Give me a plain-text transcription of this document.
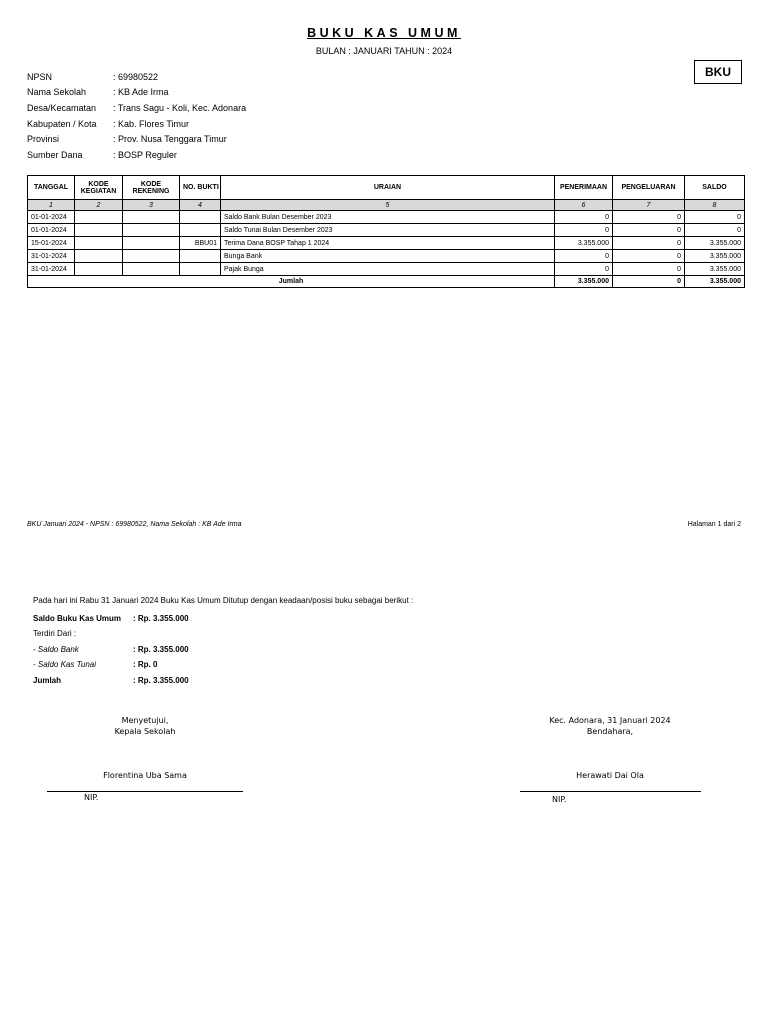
BUKU KAS UMUM
BULAN : JANUARI TAHUN : 2024
BKU
NPSN	: 69980522
Nama Sekolah	: KB Ade Irma
Desa/Kecamatan	: Trans Sagu - Koli, Kec. Adonara
Kabupaten / Kota	: Kab. Flores Timur
Provinsi	: Prov. Nusa Tenggara Timur
Sumber Dana	: BOSP Reguler
TANGGAL	KODE KEGIATAN	KODE REKENING	NO. BUKTI	URAIAN	PENERIMAAN	PENGELUARAN	SALDO
1	2	3	4	5	6	7	8
01-01-2024				Saldo Bank Bulan Desember 2023	0	0	0
01-01-2024				Saldo Tunai Bulan Desember 2023	0	0	0
15-01-2024			BBU01	Terima Dana BOSP Tahap 1 2024	3.355.000	0	3.355.000
31-01-2024				Bunga Bank	0	0	3.355.000
31-01-2024				Pajak Bunga	0	0	3.355.000
Jumlah					3.355.000	0	3.355.000
BKU Januari 2024 - NPSN : 69980522, Nama Sekolah : KB Ade Irma	Halaman 1 dari 2
Pada hari ini Rabu 31 Januari 2024 Buku Kas Umum Ditutup dengan keadaan/posisi buku sebagai berikut :
Saldo Buku Kas Umum	: Rp. 3.355.000
Terdiri Dari :
- Saldo Bank	: Rp. 3.355.000
- Saldo Kas Tunai	: Rp. 0
Jumlah	: Rp. 3.355.000
Menyetujui,
Kepala Sekolah
Florentina Uba Sama
NIP.
Kec. Adonara, 31 Januari 2024
Bendahara,
Herawati Dai Ola
NIP.
